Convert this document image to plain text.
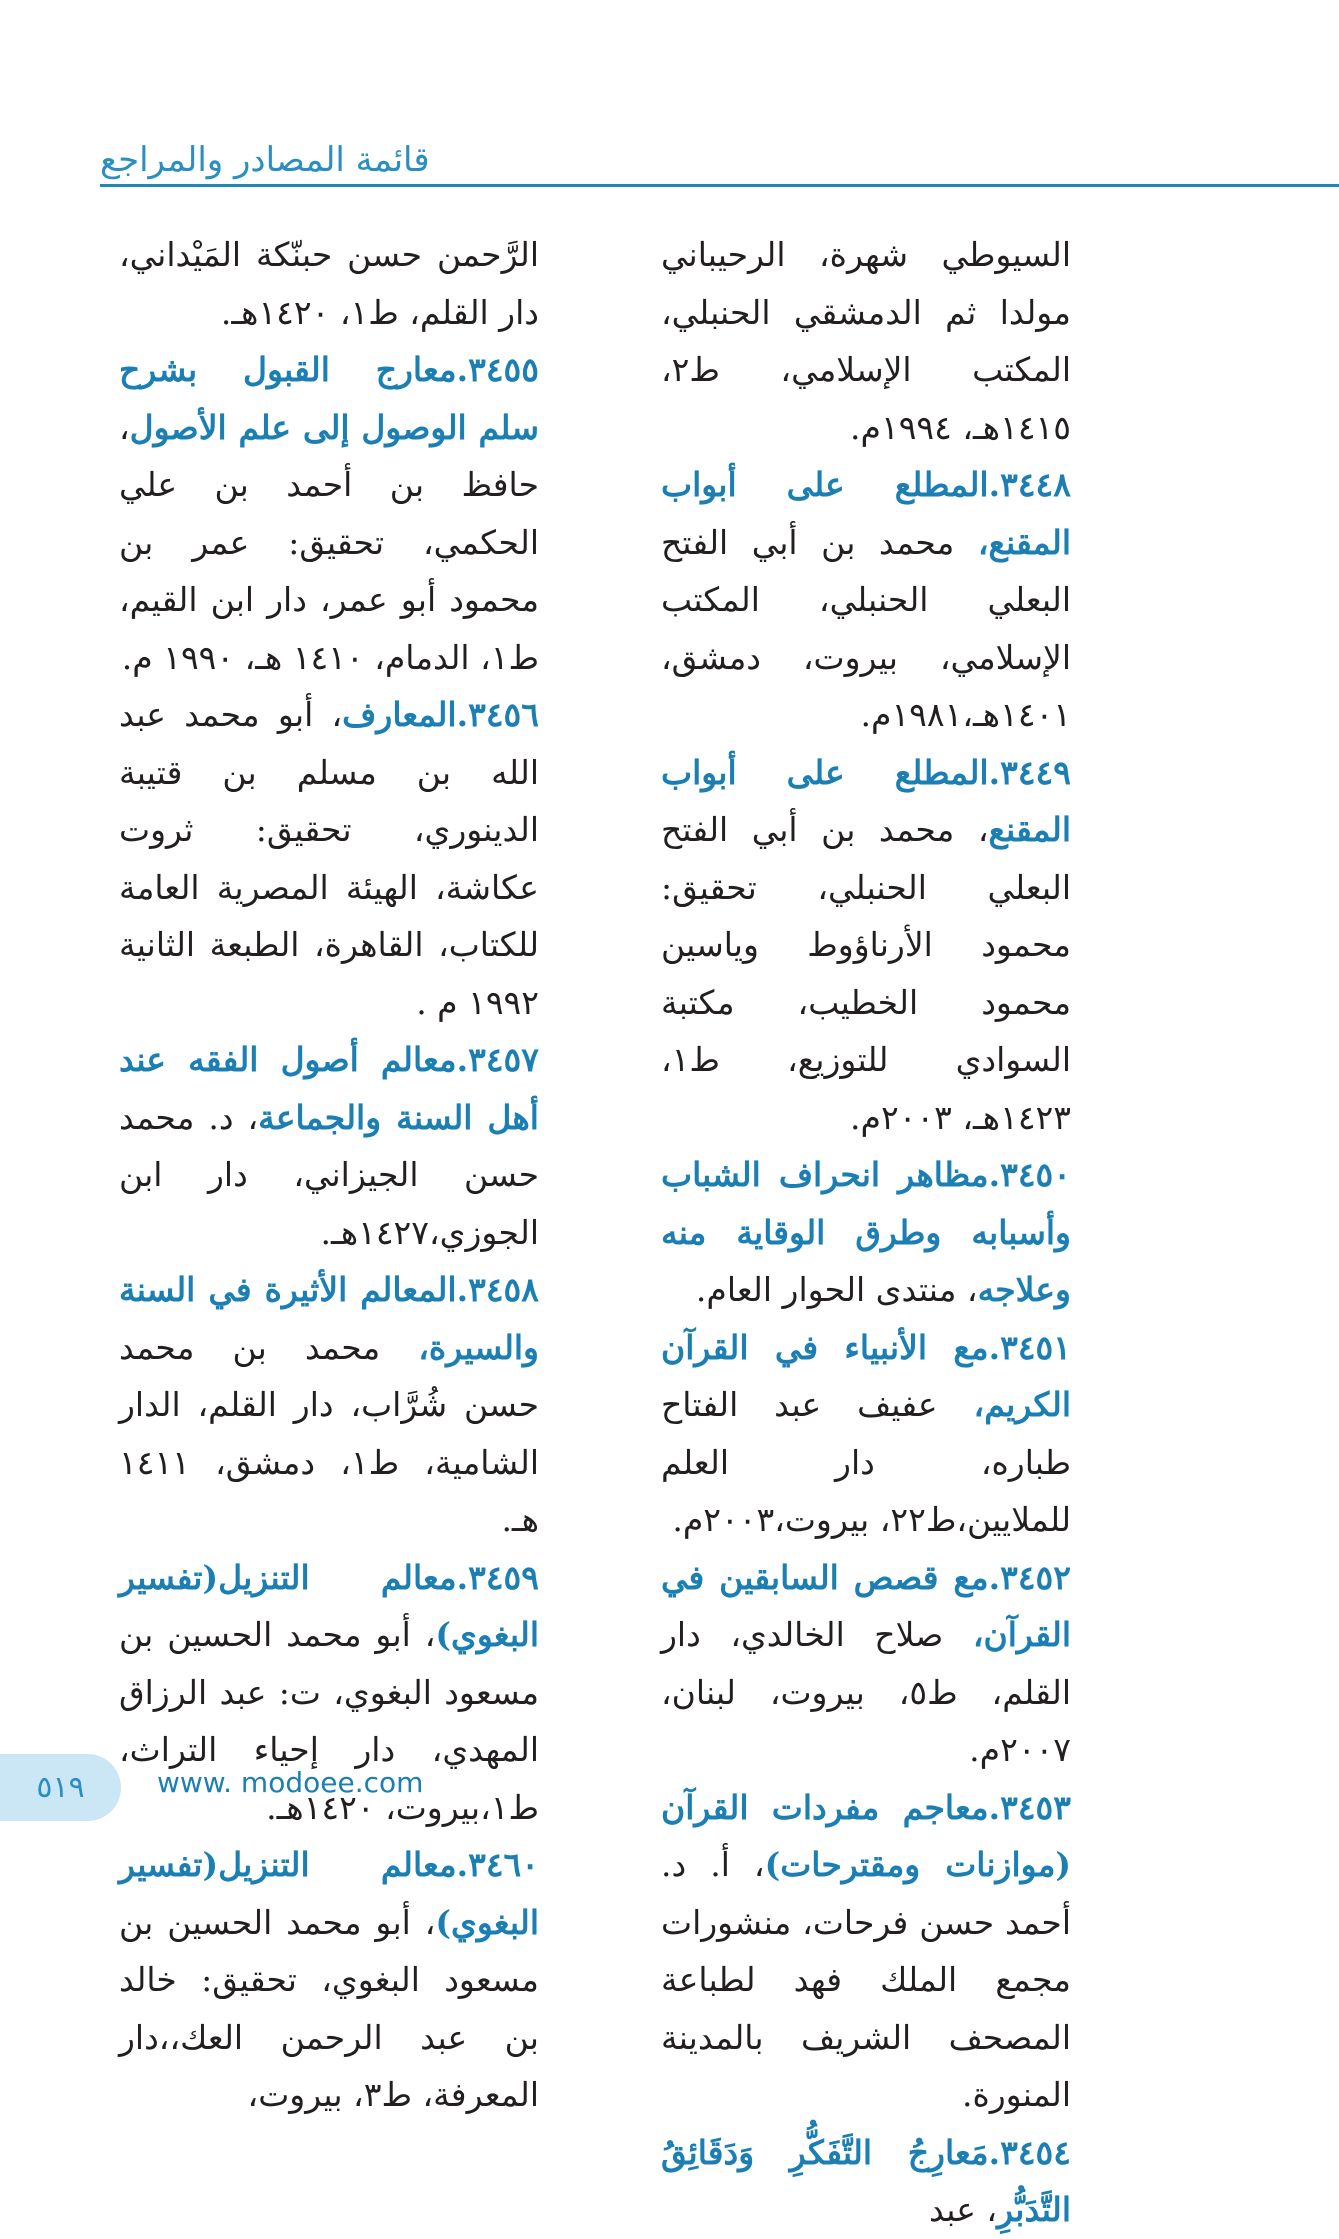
قائمة المصادر والمراجع

السيوطي شهرة، الرحيباني مولدا ثم الدمشقي الحنبلي، المكتب الإسلامي، ط٢، ١٤١٥هـ، ١٩٩٤م.

٣٤٤٨.المطلع على أبواب المقنع، محمد بن أبي الفتح البعلي الحنبلي، المكتب الإسلامي، بيروت، دمشق، ١٤٠١هـ،١٩٨١م.

٣٤٤٩.المطلع على أبواب المقنع، محمد بن أبي الفتح البعلي الحنبلي، تحقيق: محمود الأرناؤوط وياسين محمود الخطيب، مكتبة السوادي للتوزيع، ط١، ١٤٢٣هـ، ٢٠٠٣م.

٣٤٥٠.مظاهر انحراف الشباب وأسبابه وطرق الوقاية منه وعلاجه، منتدى الحوار العام.

٣٤٥١.مع الأنبياء في القرآن الكريم، عفيف عبد الفتاح طباره، دار العلم للملايين،ط٢٢، بيروت،٢٠٠٣م.

٣٤٥٢.مع قصص السابقين في القرآن، صلاح الخالدي، دار القلم، ط٥، بيروت، لبنان، ٢٠٠٧م.

٣٤٥٣.معاجم مفردات القرآن (موازنات ومقترحات)، أ. د. أحمد حسن فرحات، منشورات مجمع الملك فهد لطباعة المصحف الشريف بالمدينة المنورة.

٣٤٥٤.مَعارِجُ التَّفَكُّرِ وَدَقَائِقُ التَّدَبُّرِ، عبد

الرَّحمن حسن حبنّكة المَيْداني، دار القلم، ط١، ١٤٢٠هـ.

٣٤٥٥.معارج القبول بشرح سلم الوصول إلى علم الأصول، حافظ بن أحمد بن علي الحكمي، تحقيق: عمر بن محمود أبو عمر، دار ابن القيم، ط١، الدمام، ١٤١٠ هـ، ١٩٩٠ م.

٣٤٥٦.المعارف، أبو محمد عبد الله بن مسلم بن قتيبة الدينوري، تحقيق: ثروت عكاشة، الهيئة المصرية العامة للكتاب، القاهرة، الطبعة الثانية ١٩٩٢ م .

٣٤٥٧.معالم أصول الفقه عند أهل السنة والجماعة، د. محمد حسن الجيزاني، دار ابن الجوزي،١٤٢٧هـ.

٣٤٥٨.المعالم الأثيرة في السنة والسيرة، محمد بن محمد حسن شُرَّاب، دار القلم، الدار الشامية، ط١، دمشق، ١٤١١ هـ.

٣٤٥٩.معالم التنزيل(تفسير البغوي)، أبو محمد الحسين بن مسعود البغوي، ت: عبد الرزاق المهدي، دار إحياء التراث، ط١،بيروت، ١٤٢٠هـ.

٣٤٦٠.معالم التنزيل(تفسير البغوي)، أبو محمد الحسين بن مسعود البغوي، تحقيق: خالد بن عبد الرحمن العك،،دار المعرفة، ط٣، بيروت،

٥١٩	www. modoee.com
